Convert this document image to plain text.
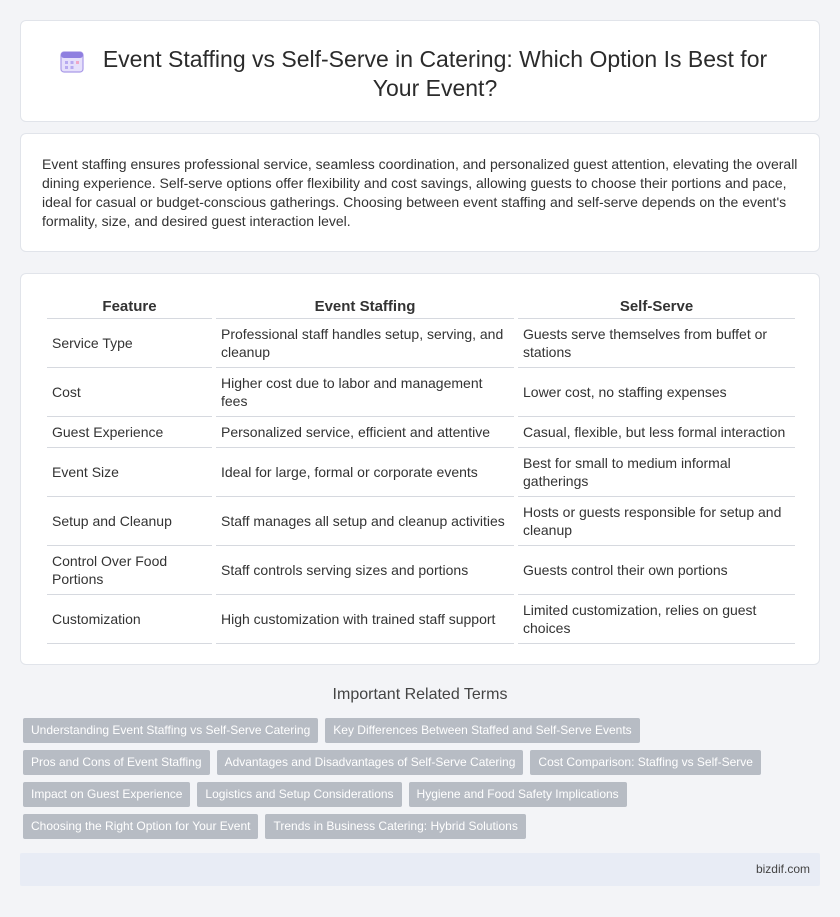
Event Staffing vs Self-Serve in Catering: Which Option Is Best for Your Event?

Event staffing ensures professional service, seamless coordination, and personalized guest attention, elevating the overall dining experience. Self-serve options offer flexibility and cost savings, allowing guests to choose their portions and pace, ideal for casual or budget-conscious gatherings. Choosing between event staffing and self-serve depends on the event's formality, size, and desired guest interaction level.

Feature	Event Staffing	Self-Serve
Service Type	Professional staff handles setup, serving, and cleanup	Guests serve themselves from buffet or stations
Cost	Higher cost due to labor and management fees	Lower cost, no staffing expenses
Guest Experience	Personalized service, efficient and attentive	Casual, flexible, but less formal interaction
Event Size	Ideal for large, formal or corporate events	Best for small to medium informal gatherings
Setup and Cleanup	Staff manages all setup and cleanup activities	Hosts or guests responsible for setup and cleanup
Control Over Food Portions	Staff controls serving sizes and portions	Guests control their own portions
Customization	High customization with trained staff support	Limited customization, relies on guest choices
Important Related Terms
Understanding Event Staffing vs Self-Serve Catering	Key Differences Between Staffed and Self-Serve Events
Pros and Cons of Event Staffing	Advantages and Disadvantages of Self-Serve Catering	Cost Comparison: Staffing vs Self-Serve
Impact on Guest Experience	Logistics and Setup Considerations	Hygiene and Food Safety Implications
Choosing the Right Option for Your Event	Trends in Business Catering: Hybrid Solutions
bizdif.com
